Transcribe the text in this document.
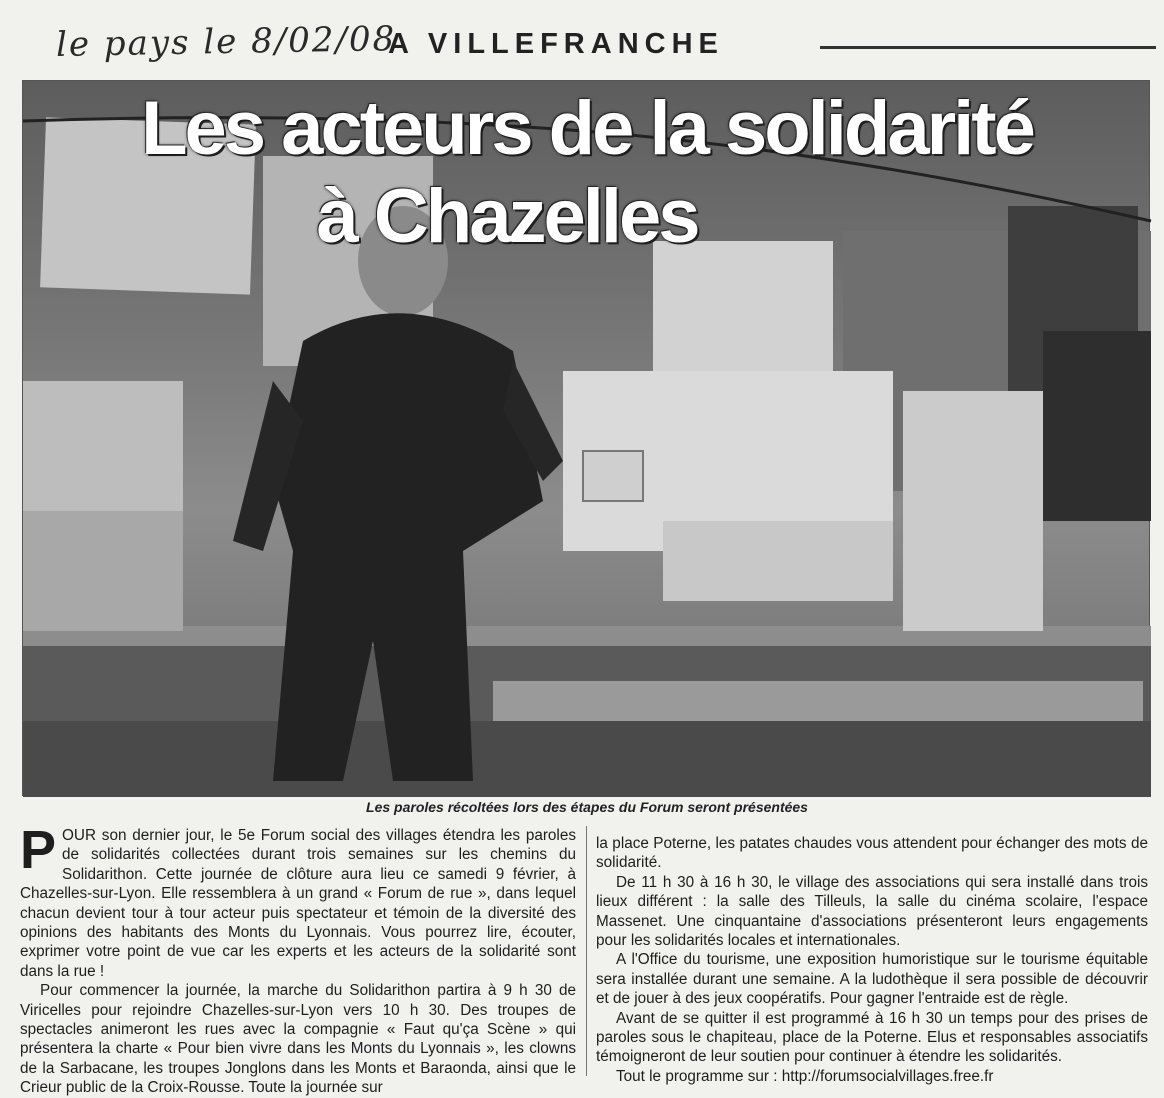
le pays le 8/02/08
A VILLEFRANCHE
Les acteurs de la solidarité
à Chazelles
Les paroles récoltées lors des étapes du Forum seront présentées
P OUR son dernier jour, le 5e Forum social des villages étendra les paroles de solidarités collectées durant trois semaines sur les chemins du Solidarithon. Cette journée de clôture aura lieu ce samedi 9 février, à Chazelles-sur-Lyon. Elle ressemblera à un grand « Forum de rue », dans lequel chacun devient tour à tour acteur puis spectateur et témoin de la diversité des opinions des habitants des Monts du Lyonnais. Vous pourrez lire, écouter, exprimer votre point de vue car les experts et les acteurs de la solidarité sont dans la rue !

Pour commencer la journée, la marche du Solidarithon partira à 9 h 30 de Viricelles pour rejoindre Chazelles-sur-Lyon vers 10 h 30. Des troupes de spectacles animeront les rues avec la compagnie « Faut qu'ça Scène » qui présentera la charte « Pour bien vivre dans les Monts du Lyonnais », les clowns de la Sarbacane, les troupes Jonglons dans les Monts et Baraonda, ainsi que le Crieur public de la Croix-Rousse. Toute la journée sur

la place Poterne, les patates chaudes vous attendent pour échanger des mots de solidarité.

De 11 h 30 à 16 h 30, le village des associations qui sera installé dans trois lieux différent : la salle des Tilleuls, la salle du cinéma scolaire, l'espace Massenet. Une cinquantaine d'associations présenteront leurs engagements pour les solidarités locales et internationales.

A l'Office du tourisme, une exposition humoristique sur le tourisme équitable sera installée durant une semaine. A la ludothèque il sera possible de découvrir et de jouer à des jeux coopératifs. Pour gagner l'entraide est de règle.

Avant de se quitter il est programmé à 16 h 30 un temps pour des prises de paroles sous le chapiteau, place de la Poterne. Elus et responsables associatifs témoigneront de leur soutien pour continuer à étendre les solidarités.

Tout le programme sur : http://forumsocialvillages.free.fr
